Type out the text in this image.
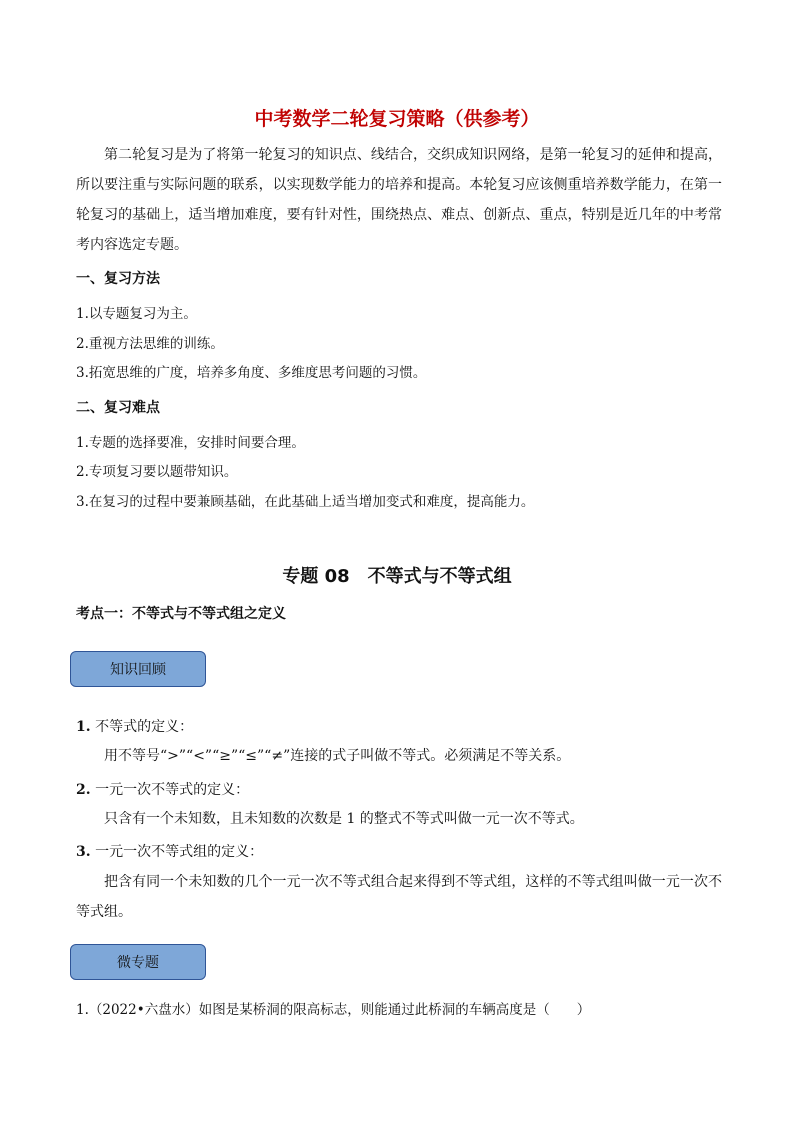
中考数学二轮复习策略（供参考）

第二轮复习是为了将第一轮复习的知识点、线结合，交织成知识网络，是第一轮复习的延伸和提高，所以要注重与实际问题的联系，以实现数学能力的培养和提高。本轮复习应该侧重培养数学能力，在第一轮复习的基础上，适当增加难度，要有针对性，围绕热点、难点、创新点、重点，特别是近几年的中考常考内容选定专题。

一、复习方法
1.以专题复习为主。
2.重视方法思维的训练。
3.拓宽思维的广度，培养多角度、多维度思考问题的习惯。
二、复习难点
1.专题的选择要准，安排时间要合理。
2.专项复习要以题带知识。
3.在复习的过程中要兼顾基础，在此基础上适当增加变式和难度，提高能力。
专题 08　不等式与不等式组
考点一：不等式与不等式组之定义
知识回顾
1. 不等式的定义：

用不等号“>”“<”“≥”“≤”“≠”连接的式子叫做不等式。必须满足不等关系。

2. 一元一次不等式的定义：

只含有一个未知数，且未知数的次数是 1 的整式不等式叫做一元一次不等式。

3. 一元一次不等式组的定义：

把含有同一个未知数的几个一元一次不等式组合起来得到不等式组，这样的不等式组叫做一元一次不等式组。

微专题
1.（2022•六盘水）如图是某桥洞的限高标志，则能通过此桥洞的车辆高度是（　　）
